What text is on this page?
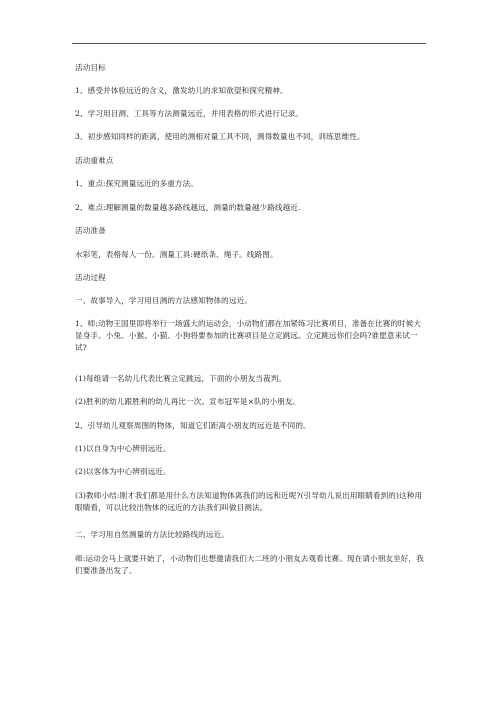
活动目标

1、感受并体验远近的含义，激发幼儿的求知欲望和探究精神。

2、学习用目测、工具等方法测量远近，并用表格的形式进行记录。

3、初步感知同样的距离，使用的测相对量工具不同，测得数量也不同，训练思维性。

活动重难点

1、重点:探究测量远近的多重方法。

2、难点:理解测量的数量越多路线越远，测量的数量越少路线越近.

活动准备

水彩笔，表格每人一份。测量工具:硬纸条、绳子。线路图。

活动过程

一、故事导入，学习用目测的方法感知物体的远近。

1、师:动物王国里即将举行一场盛大的运动会，小动物们都在加紧练习比赛项目，准备在比赛的时候大显身手。小兔、小猴、小猫、小狗将要参加的比赛项目是立定跳远。立定跳远你们会吗?谁愿意来试一试?

(1)每组请一名幼儿代表比赛立定跳远，下面的小朋友当裁判。

(2)胜利的幼儿跟胜利的幼儿再比一次。宣布冠军是×队的小朋友。

2、引导幼儿观察周围的物体，知道它们距离小朋友的远近是不同的。

(1)以自身为中心辨别远近。

(2)以客体为中心辨别远近。

(3)教师小结:刚才我们都是用什么方法知道物体离我们的远和近呢?(引导幼儿说出用眼睛看到的)这种用眼睛看，可以比较出物体的远近的方法我们叫做目测法。

二、学习用自然测量的方法比较路线的远近。

师:运动会马上就要开始了，小动物们也想邀请我们大二班的小朋友去观看比赛。现在请小朋友坐好，我们要准备出发了。
